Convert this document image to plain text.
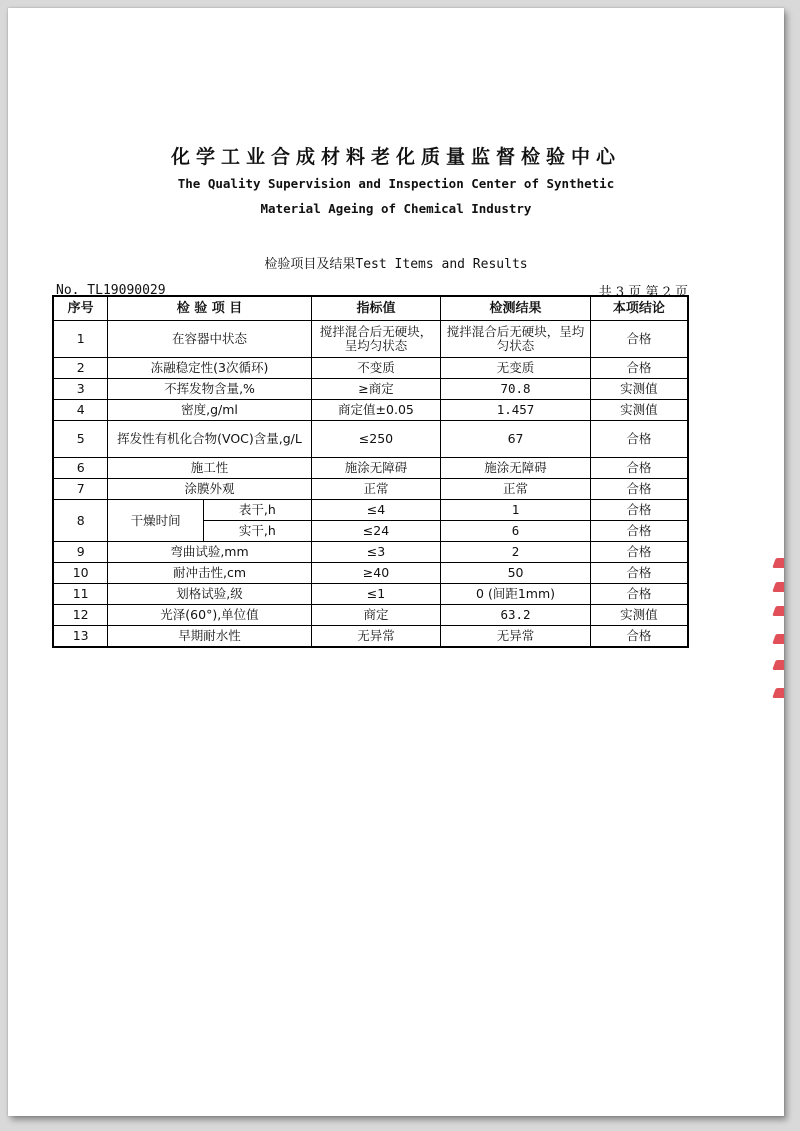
化学工业合成材料老化质量监督检验中心
The Quality Supervision and Inspection Center of Synthetic
Material Ageing of Chemical Industry
检验项目及结果Test Items and Results
No. TL19090029	共 3 页 第 2 页
序号	检 验 项 目		指标值	检测结果	本项结论
1	在容器中状态		搅拌混合后无硬块，呈均匀状态	搅拌混合后无硬块，呈均匀状态	合格
2	冻融稳定性(3次循环)		不变质	无变质	合格
3	不挥发物含量,%		≥商定	70.8	实测值
4	密度,g/ml		商定值±0.05	1.457	实测值
5	挥发性有机化合物(VOC)含量,g/L		≤250	67	合格
6	施工性		施涂无障碍	施涂无障碍	合格
7	涂膜外观		正常	正常	合格
8	干燥时间	表干,h	≤4	1	合格
		实干,h	≤24	6	合格
9	弯曲试验,mm		≤3	2	合格
10	耐冲击性,cm		≥40	50	合格
11	划格试验,级		≤1	0 (间距1mm)	合格
12	光泽(60°),单位值		商定	63.2	实测值
13	早期耐水性		无异常	无异常	合格
